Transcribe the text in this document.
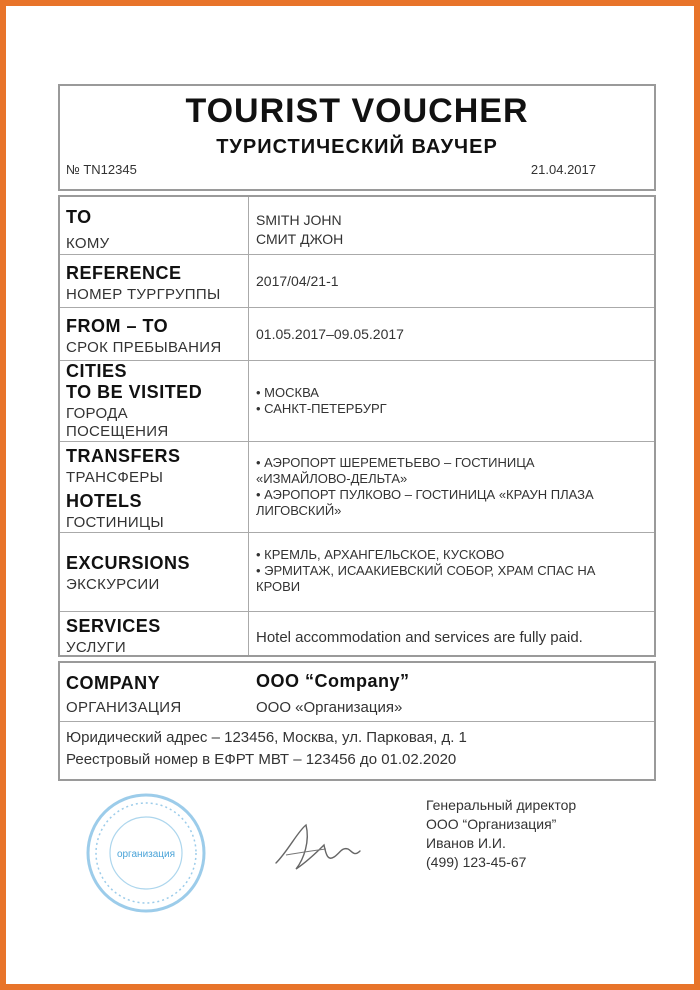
TOURIST VOUCHER
ТУРИСТИЧЕСКИЙ ВАУЧЕР
№ TN12345	21.04.2017
TO
КОМУ
SMITH JOHN
СМИТ ДЖОН
REFERENCE
НОМЕР ТУРГРУППЫ
2017/04/21-1
FROM – TO
СРОК ПРЕБЫВАНИЯ
01.05.2017–09.05.2017
CITIES
TO BE VISITED
ГОРОДА
ПОСЕЩЕНИЯ
• МОСКВА
• САНКТ-ПЕТЕРБУРГ
TRANSFERS
ТРАНСФЕРЫ
HOTELS
ГОСТИНИЦЫ
• АЭРОПОРТ ШЕРЕМЕТЬЕВО – ГОСТИНИЦА
«ИЗМАЙЛОВО-ДЕЛЬТА»
• АЭРОПОРТ ПУЛКОВО – ГОСТИНИЦА «КРАУН ПЛАЗА
ЛИГОВСКИЙ»
EXCURSIONS
ЭКСКУРСИИ
• КРЕМЛЬ, АРХАНГЕЛЬСКОЕ, КУСКОВО
• ЭРМИТАЖ, ИСААКИЕВСКИЙ СОБОР, ХРАМ СПАС НА
КРОВИ
SERVICES
УСЛУГИ
Hotel accommodation and services are fully paid.
COMPANY
ОРГАНИЗАЦИЯ
ООО “Company”
ООО «Организация»
Юридический адрес – 123456, Москва, ул. Парковая, д. 1
Реестровый номер в ЕФРТ МВТ – 123456 до 01.02.2020
организация
Генеральный директор
ООО “Организация”
Иванов И.И.
(499) 123-45-67
